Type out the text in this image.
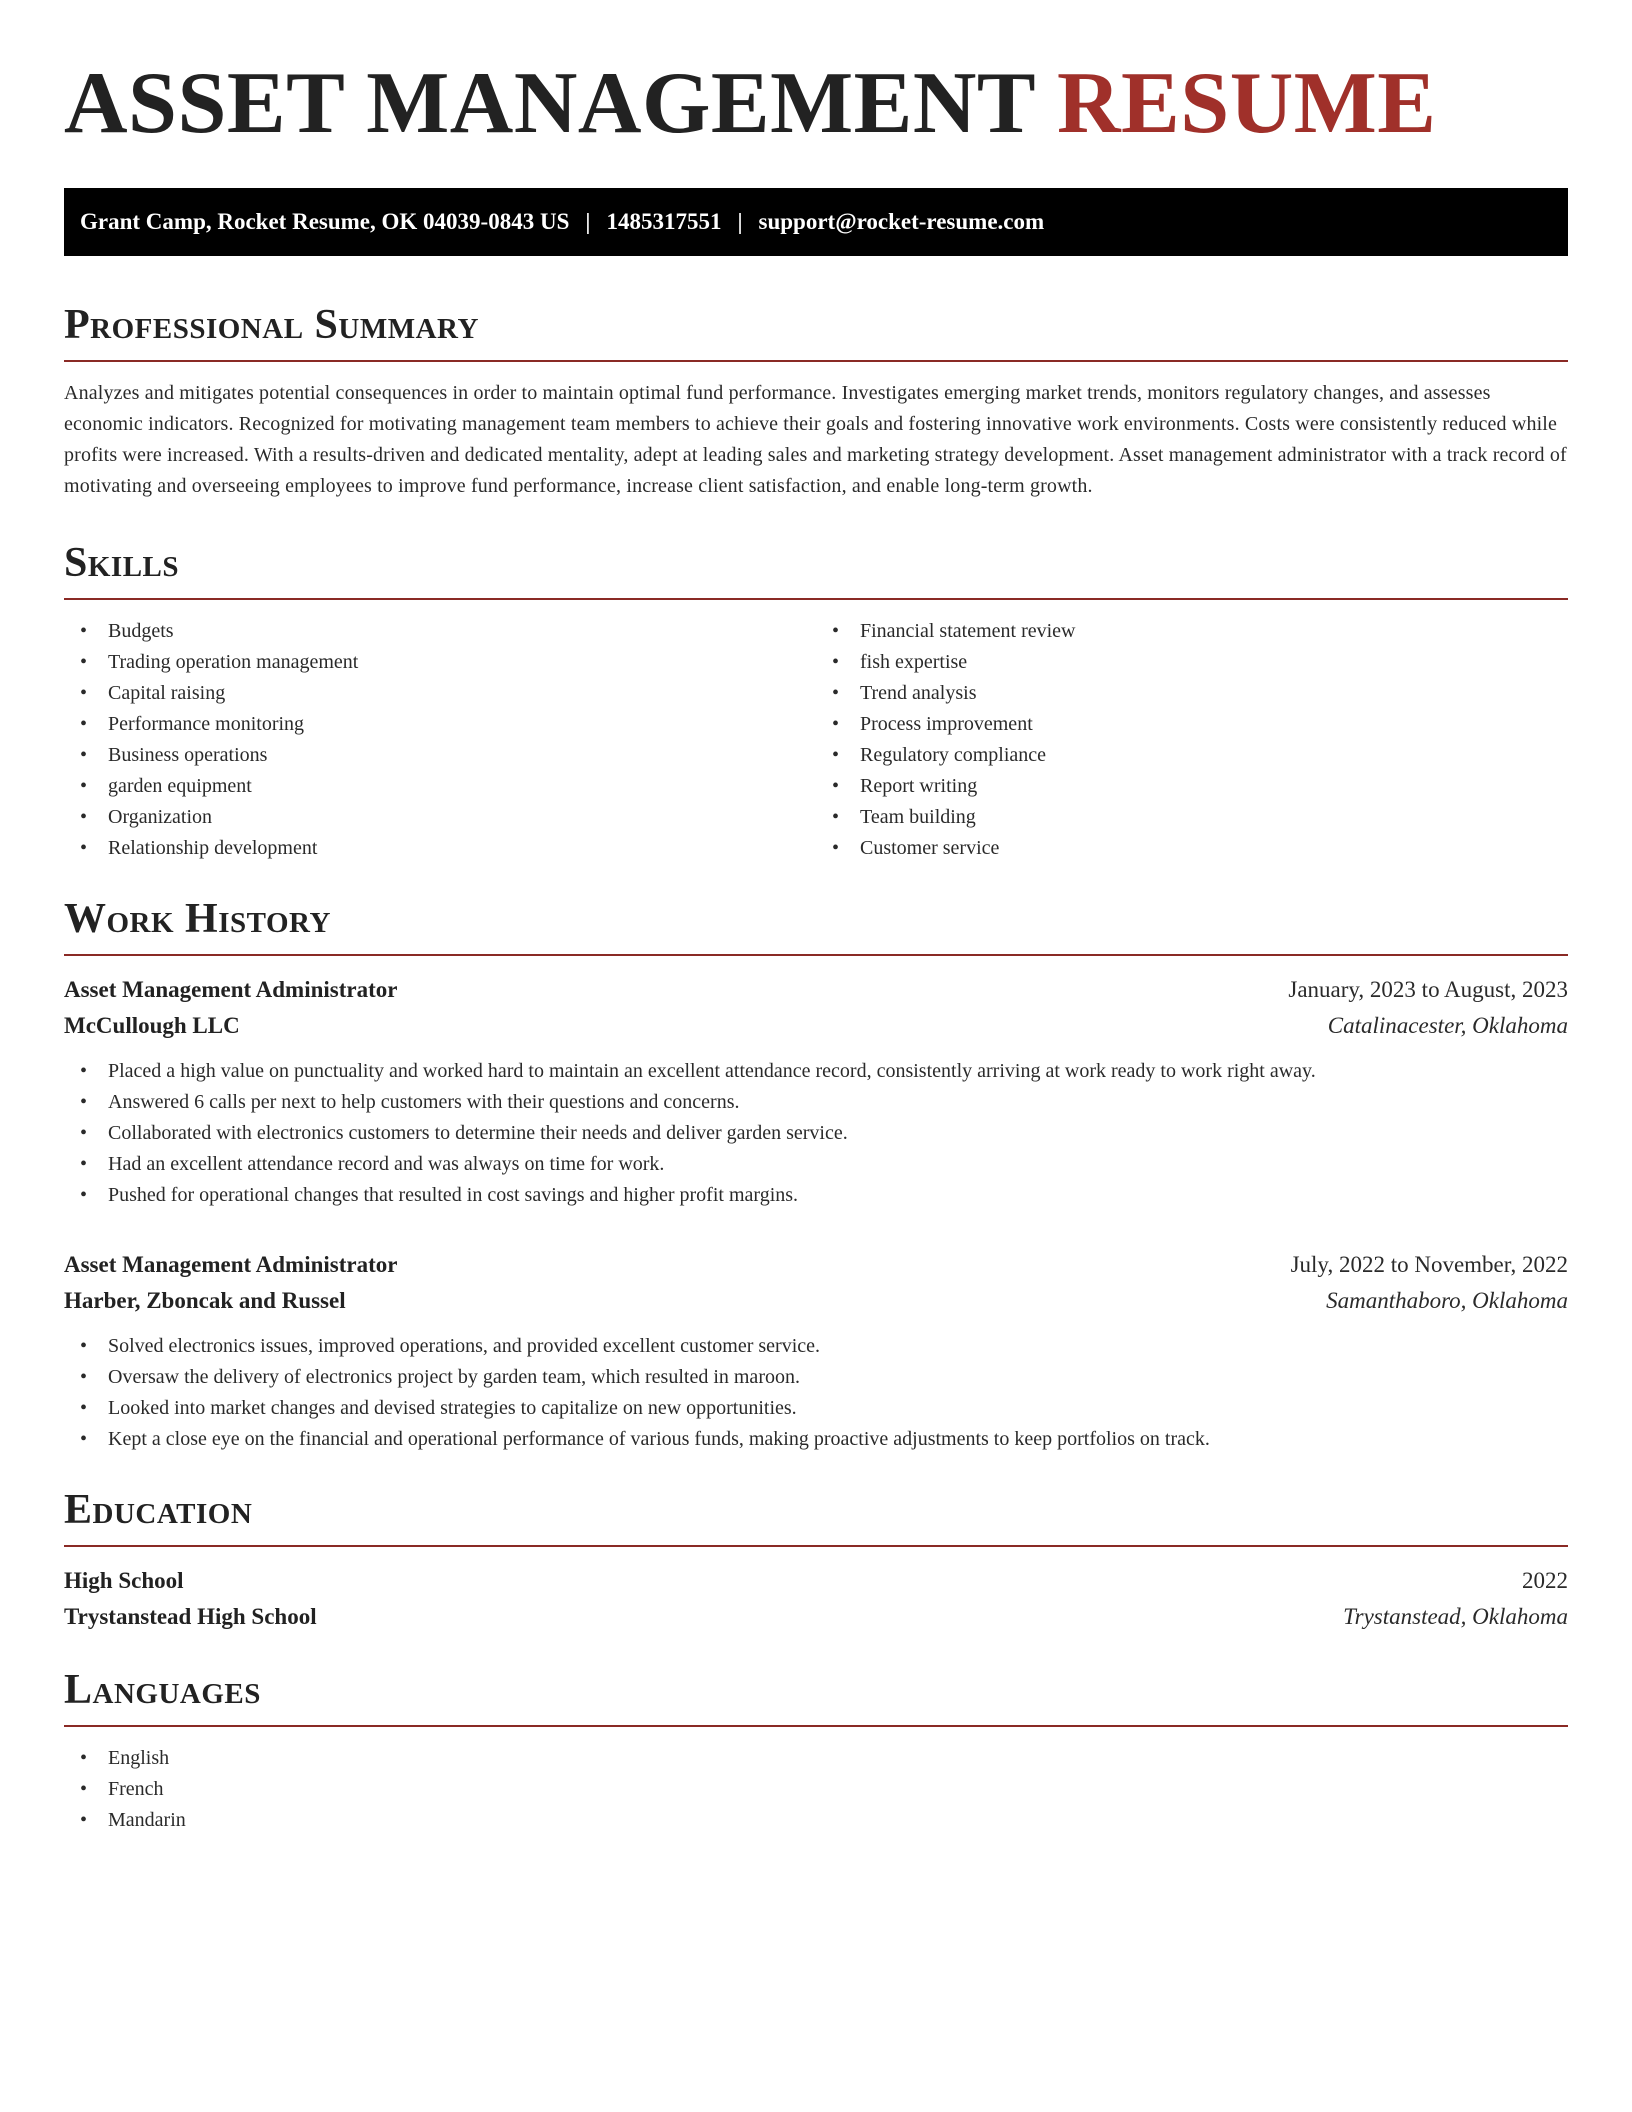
ASSET MANAGEMENT RESUME
Grant Camp, Rocket Resume, OK 04039-0843 US | 1485317551 | support@rocket-resume.com
Professional Summary

Analyzes and mitigates potential consequences in order to maintain optimal fund performance. Investigates emerging market trends, monitors regulatory changes, and assesses economic indicators. Recognized for motivating management team members to achieve their goals and fostering innovative work environments. Costs were consistently reduced while profits were increased. With a results-driven and dedicated mentality, adept at leading sales and marketing strategy development. Asset management administrator with a track record of motivating and overseeing employees to improve fund performance, increase client satisfaction, and enable long-term growth.

Skills
• Budgets
• Trading operation management
• Capital raising
• Performance monitoring
• Business operations
• garden equipment
• Organization
• Relationship development
• Financial statement review
• fish expertise
• Trend analysis
• Process improvement
• Regulatory compliance
• Report writing
• Team building
• Customer service
Work History
Asset Management Administrator	January, 2023 to August, 2023
McCullough LLC	Catalinacester, Oklahoma
• Placed a high value on punctuality and worked hard to maintain an excellent attendance record, consistently arriving at work ready to work right away.
• Answered 6 calls per next to help customers with their questions and concerns.
• Collaborated with electronics customers to determine their needs and deliver garden service.
• Had an excellent attendance record and was always on time for work.
• Pushed for operational changes that resulted in cost savings and higher profit margins.
Asset Management Administrator	July, 2022 to November, 2022
Harber, Zboncak and Russel	Samanthaboro, Oklahoma
• Solved electronics issues, improved operations, and provided excellent customer service.
• Oversaw the delivery of electronics project by garden team, which resulted in maroon.
• Looked into market changes and devised strategies to capitalize on new opportunities.
• Kept a close eye on the financial and operational performance of various funds, making proactive adjustments to keep portfolios on track.
Education
High School	2022
Trystanstead High School	Trystanstead, Oklahoma
Languages
• English
• French
• Mandarin
